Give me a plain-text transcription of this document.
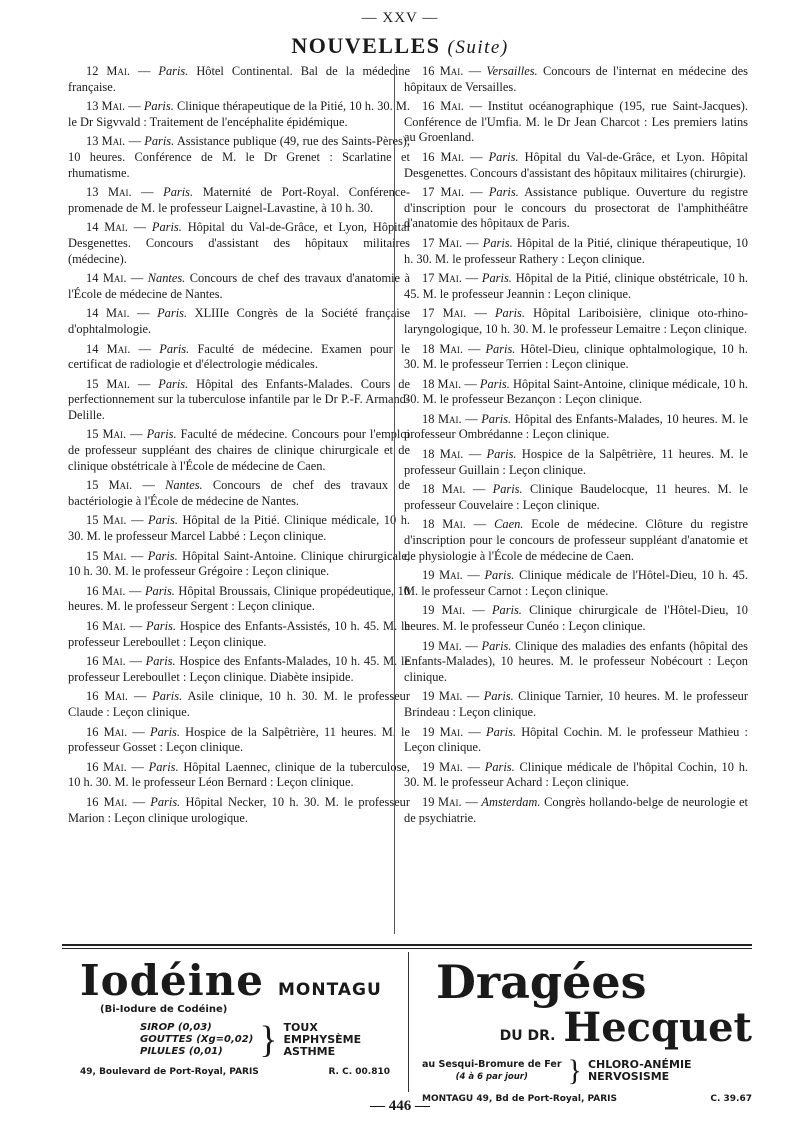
— XXV —
NOUVELLES (Suite)

12 Mai. — Paris. Hôtel Continental. Bal de la médecine française.

13 Mai. — Paris. Clinique thérapeutique de la Pitié, 10 h. 30. M. le Dr Sigvvald : Traitement de l'encéphalite épidémique.

13 Mai. — Paris. Assistance publique (49, rue des Saints-Pères), 10 heures. Conférence de M. le Dr Grenet : Scarlatine et rhumatisme.

13 Mai. — Paris. Maternité de Port-Royal. Conférence-promenade de M. le professeur Laignel-Lavastine, à 10 h. 30.

14 Mai. — Paris. Hôpital du Val-de-Grâce, et Lyon, Hôpital Desgenettes. Concours d'assistant des hôpitaux militaires (médecine).

14 Mai. — Nantes. Concours de chef des travaux d'anatomie à l'École de médecine de Nantes.

14 Mai. — Paris. XLIIIe Congrès de la Société française d'ophtalmologie.

14 Mai. — Paris. Faculté de médecine. Examen pour le certificat de radiologie et d'électrologie médicales.

15 Mai. — Paris. Hôpital des Enfants-Malades. Cours de perfectionnement sur la tuberculose infantile par le Dr P.-F. Armand-Delille.

15 Mai. — Paris. Faculté de médecine. Concours pour l'emploi de professeur suppléant des chaires de clinique chirurgicale et de clinique obstétricale à l'École de médecine de Caen.

15 Mai. — Nantes. Concours de chef des travaux de bactériologie à l'École de médecine de Nantes.

15 Mai. — Paris. Hôpital de la Pitié. Clinique médicale, 10 h. 30. M. le professeur Marcel Labbé : Leçon clinique.

15 Mai. — Paris. Hôpital Saint-Antoine. Clinique chirurgicale, 10 h. 30. M. le professeur Grégoire : Leçon clinique.

16 Mai. — Paris. Hôpital Broussais, Clinique propédeutique, 10 heures. M. le professeur Sergent : Leçon clinique.

16 Mai. — Paris. Hospice des Enfants-Assistés, 10 h. 45. M. le professeur Lereboullet : Leçon clinique.

16 Mai. — Paris. Hospice des Enfants-Malades, 10 h. 45. M. le professeur Lereboullet : Leçon clinique. Diabète insipide.

16 Mai. — Paris. Asile clinique, 10 h. 30. M. le professeur Claude : Leçon clinique.

16 Mai. — Paris. Hospice de la Salpêtrière, 11 heures. M. le professeur Gosset : Leçon clinique.

16 Mai. — Paris. Hôpital Laennec, clinique de la tuberculose, 10 h. 30. M. le professeur Léon Bernard : Leçon clinique.

16 Mai. — Paris. Hôpital Necker, 10 h. 30. M. le professeur Marion : Leçon clinique urologique.

16 Mai. — Versailles. Concours de l'internat en médecine des hôpitaux de Versailles.

16 Mai. — Institut océanographique (195, rue Saint-Jacques). Conférence de l'Umfia. M. le Dr Jean Charcot : Les premiers latins au Groenland.

16 Mai. — Paris. Hôpital du Val-de-Grâce, et Lyon. Hôpital Desgenettes. Concours d'assistant des hôpitaux militaires (chirurgie).

17 Mai. — Paris. Assistance publique. Ouverture du registre d'inscription pour le concours du prosectorat de l'amphithéâtre d'anatomie des hôpitaux de Paris.

17 Mai. — Paris. Hôpital de la Pitié, clinique thérapeutique, 10 h. 30. M. le professeur Rathery : Leçon clinique.

17 Mai. — Paris. Hôpital de la Pitié, clinique obstétricale, 10 h. 45. M. le professeur Jeannin : Leçon clinique.

17 Mai. — Paris. Hôpital Lariboisière, clinique oto-rhino-laryngologique, 10 h. 30. M. le professeur Lemaitre : Leçon clinique.

18 Mai. — Paris. Hôtel-Dieu, clinique ophtalmologique, 10 h. 30. M. le professeur Terrien : Leçon clinique.

18 Mai. — Paris. Hôpital Saint-Antoine, clinique médicale, 10 h. 30. M. le professeur Bezançon : Leçon clinique.

18 Mai. — Paris. Hôpital des Enfants-Malades, 10 heures. M. le professeur Ombrédanne : Leçon clinique.

18 Mai. — Paris. Hospice de la Salpêtrière, 11 heures. M. le professeur Guillain : Leçon clinique.

18 Mai. — Paris. Clinique Baudelocque, 11 heures. M. le professeur Couvelaire : Leçon clinique.

18 Mai. — Caen. Ecole de médecine. Clôture du registre d'inscription pour le concours de professeur suppléant d'anatomie et de physiologie à l'École de médecine de Caen.

19 Mai. — Paris. Clinique médicale de l'Hôtel-Dieu, 10 h. 45. M. le professeur Carnot : Leçon clinique.

19 Mai. — Paris. Clinique chirurgicale de l'Hôtel-Dieu, 10 heures. M. le professeur Cunéo : Leçon clinique.

19 Mai. — Paris. Clinique des maladies des enfants (hôpital des Enfants-Malades), 10 heures. M. le professeur Nobécourt : Leçon clinique.

19 Mai. — Paris. Clinique Tarnier, 10 heures. M. le professeur Brindeau : Leçon clinique.

19 Mai. — Paris. Hôpital Cochin. M. le professeur Mathieu : Leçon clinique.

19 Mai. — Paris. Clinique médicale de l'hôpital Cochin, 10 h. 30. M. le professeur Achard : Leçon clinique.

19 Mai. — Amsterdam. Congrès hollando-belge de neurologie et de psychiatrie.

Iodéine MONTAGU
(Bi-Iodure de Codéine)
SIROP (0,03)
GOUTTES (Xg=0,02)
PILULES (0,01) } TOUX
EMPHYSÈME
ASTHME
49, Boulevard de Port-Royal, PARIS	R. C. 00.810
Dragées
DU DR. Hecquet
au Sesqui-Bromure de Fer
(4 à 6 par jour)	} CHLORO-ANÉMIE
NERVOSISME
MONTAGU 49, Bd de Port-Royal, PARIS	C. 39.67
— 446 —
